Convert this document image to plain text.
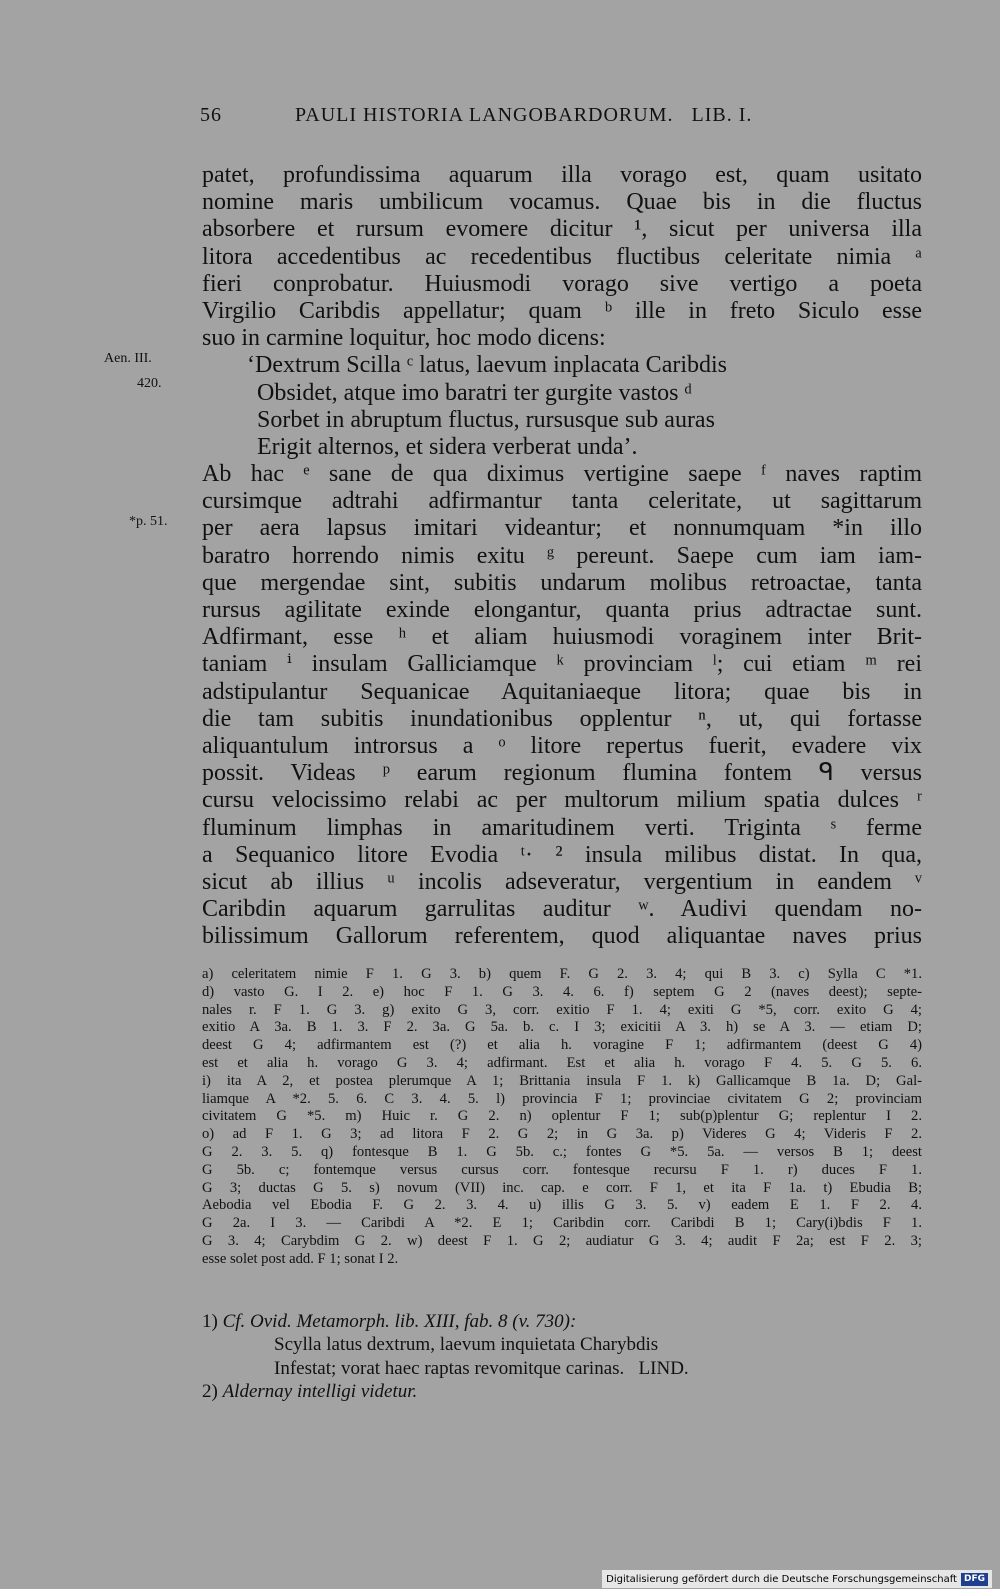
56	PAULI HISTORIA LANGOBARDORUM.   LIB. I.
Aen. III.
420.
*p. 51.
patet, profundissima aquarum illa vorago est, quam usitato
nomine maris umbilicum vocamus. Quae bis in die fluctus
absorbere et rursum evomere dicitur ¹, sicut per universa illa
litora accedentibus ac recedentibus fluctibus celeritate nimia ᵃ
fieri conprobatur. Huiusmodi vorago sive vertigo a poeta
Virgilio Caribdis appellatur; quam ᵇ ille in freto Siculo esse
suo in carmine loquitur, hoc modo dicens:
‘Dextrum Scilla ᶜ latus, laevum inplacata Caribdis
Obsidet, atque imo baratri ter gurgite vastos ᵈ
Sorbet in abruptum fluctus, rursusque sub auras
Erigit alternos, et sidera verberat unda’.
Ab hac ᵉ sane de qua diximus vertigine saepe ᶠ naves raptim
cursimque adtrahi adfirmantur tanta celeritate, ut sagittarum
per aera lapsus imitari videantur; et nonnumquam *in illo
baratro horrendo nimis exitu ᵍ pereunt. Saepe cum iam iam-
que mergendae sint, subitis undarum molibus retroactae, tanta
rursus agilitate exinde elongantur, quanta prius adtractae sunt.
Adfirmant, esse ʰ et aliam huiusmodi voraginem inter Brit-
taniam ⁱ insulam Galliciamque ᵏ provinciam ˡ; cui etiam ᵐ rei
adstipulantur Sequanicae Aquitaniaeque litora; quae bis in
die tam subitis inundationibus opplentur ⁿ, ut, qui fortasse
aliquantulum introrsus a ᵒ litore repertus fuerit, evadere vix
possit. Videas ᵖ earum regionum flumina fontem ᑫ versus
cursu velocissimo relabi ac per multorum milium spatia dulces ʳ
fluminum limphas in amaritudinem verti. Triginta ˢ ferme
a Sequanico litore Evodia ᵗ· ² insula milibus distat. In qua,
sicut ab illius ᵘ incolis adseveratur, vergentium in eandem ᵛ
Caribdin aquarum garrulitas auditur ʷ. Audivi quendam no-
bilissimum Gallorum referentem, quod aliquantae naves prius
a) celeritatem nimie F 1. G 3. b) quem F. G 2. 3. 4; qui B 3. c) Sylla C *1.
d) vasto G. I 2. e) hoc F 1. G 3. 4. 6. f) septem G 2 (naves deest); septe-
nales r. F 1. G 3. g) exito G 3, corr. exitio F 1. 4; exiti G *5, corr. exito G 4;
exitio A 3a. B 1. 3. F 2. 3a. G 5a. b. c. I 3; exicitii A 3. h) se A 3. — etiam D;
deest G 4; adfirmantem est (?) et alia h. voragine F 1; adfirmantem (deest G 4)
est et alia h. vorago G 3. 4; adfirmant. Est et alia h. vorago F 4. 5. G 5. 6.
i) ita A 2, et postea plerumque A 1; Brittania insula F 1. k) Gallicamque B 1a. D; Gal-
liamque A *2. 5. 6. C 3. 4. 5. l) provincia F 1; provinciae civitatem G 2; provinciam
civitatem G *5. m) Huic r. G 2. n) oplentur F 1; sub(p)plentur G; replentur I 2.
o) ad F 1. G 3; ad litora F 2. G 2; in G 3a. p) Videres G 4; Videris F 2.
G 2. 3. 5. q) fontesque B 1. G 5b. c.; fontes G *5. 5a. — versos B 1; deest
G 5b. c; fontemque versus cursus corr. fontesque recursu F 1. r) duces F 1.
G 3; ductas G 5. s) novum (VII) inc. cap. e corr. F 1, et ita F 1a. t) Ebudia B;
Aebodia vel Ebodia F. G 2. 3. 4. u) illis G 3. 5. v) eadem E 1. F 2. 4.
G 2a. I 3. — Caribdi A *2. E 1; Caribdin corr. Caribdi B 1; Cary(i)bdis F 1.
G 3. 4; Carybdim G 2. w) deest F 1. G 2; audiatur G 3. 4; audit F 2a; est F 2. 3;
esse solet post add. F 1; sonat I 2.
1) Cf. Ovid. Metamorph. lib. XIII, fab. 8 (v. 730):
Scylla latus dextrum, laevum inquietata Charybdis
Infestat; vorat haec raptas revomitque carinas.   LIND.
2) Aldernay intelligi videtur.
Digitalisierung gefördert durch die Deutsche Forschungsgemeinschaft DFG
